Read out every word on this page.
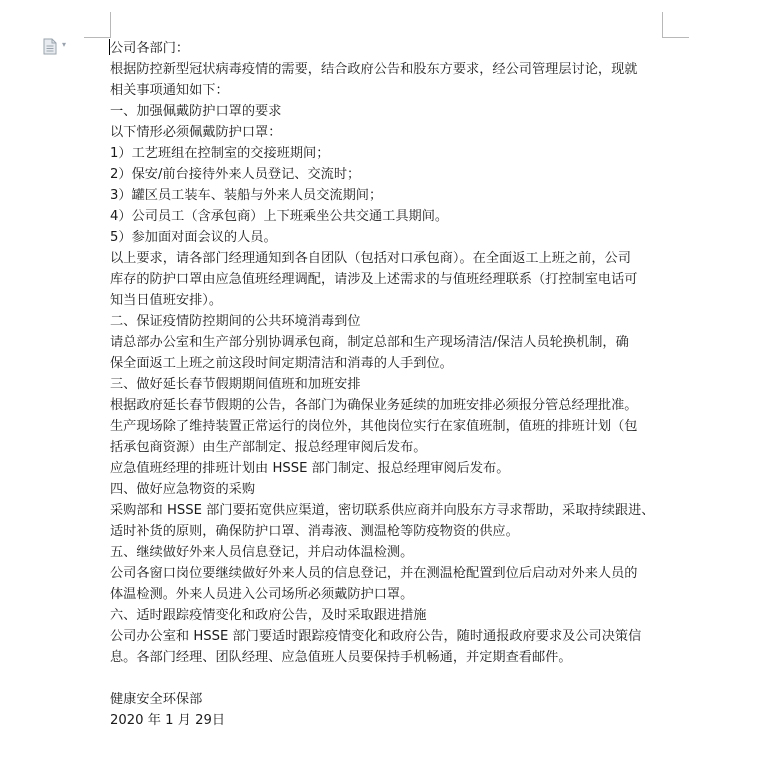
▾	公司各部门：

根据防控新型冠状病毒疫情的需要，结合政府公告和股东方要求，经公司管理层讨论，现就

相关事项通知如下：

一、加强佩戴防护口罩的要求

以下情形必须佩戴防护口罩：

1）工艺班组在控制室的交接班期间；

2）保安/前台接待外来人员登记、交流时；

3）罐区员工装车、装船与外来人员交流期间；

4）公司员工（含承包商）上下班乘坐公共交通工具期间。

5）参加面对面会议的人员。

以上要求，请各部门经理通知到各自团队（包括对口承包商）。在全面返工上班之前，公司

库存的防护口罩由应急值班经理调配，请涉及上述需求的与值班经理联系（打控制室电话可

知当日值班安排）。

二、保证疫情防控期间的公共环境消毒到位

请总部办公室和生产部分别协调承包商，制定总部和生产现场清洁/保洁人员轮换机制，确

保全面返工上班之前这段时间定期清洁和消毒的人手到位。

三、做好延长春节假期期间值班和加班安排

根据政府延长春节假期的公告，各部门为确保业务延续的加班安排必须报分管总经理批准。

生产现场除了维持装置正常运行的岗位外，其他岗位实行在家值班制，值班的排班计划（包

括承包商资源）由生产部制定、报总经理审阅后发布。

应急值班经理的排班计划由 HSSE 部门制定、报总经理审阅后发布。

四、做好应急物资的采购

采购部和 HSSE 部门要拓宽供应渠道，密切联系供应商并向股东方寻求帮助，采取持续跟进、

适时补货的原则，确保防护口罩、消毒液、测温枪等防疫物资的供应。

五、继续做好外来人员信息登记，并启动体温检测。

公司各窗口岗位要继续做好外来人员的信息登记，并在测温枪配置到位后启动对外来人员的

体温检测。外来人员进入公司场所必须戴防护口罩。

六、适时跟踪疫情变化和政府公告，及时采取跟进措施

公司办公室和 HSSE 部门要适时跟踪疫情变化和政府公告，随时通报政府要求及公司决策信

息。各部门经理、团队经理、应急值班人员要保持手机畅通，并定期查看邮件。

健康安全环保部

2020 年 1 月 29日
